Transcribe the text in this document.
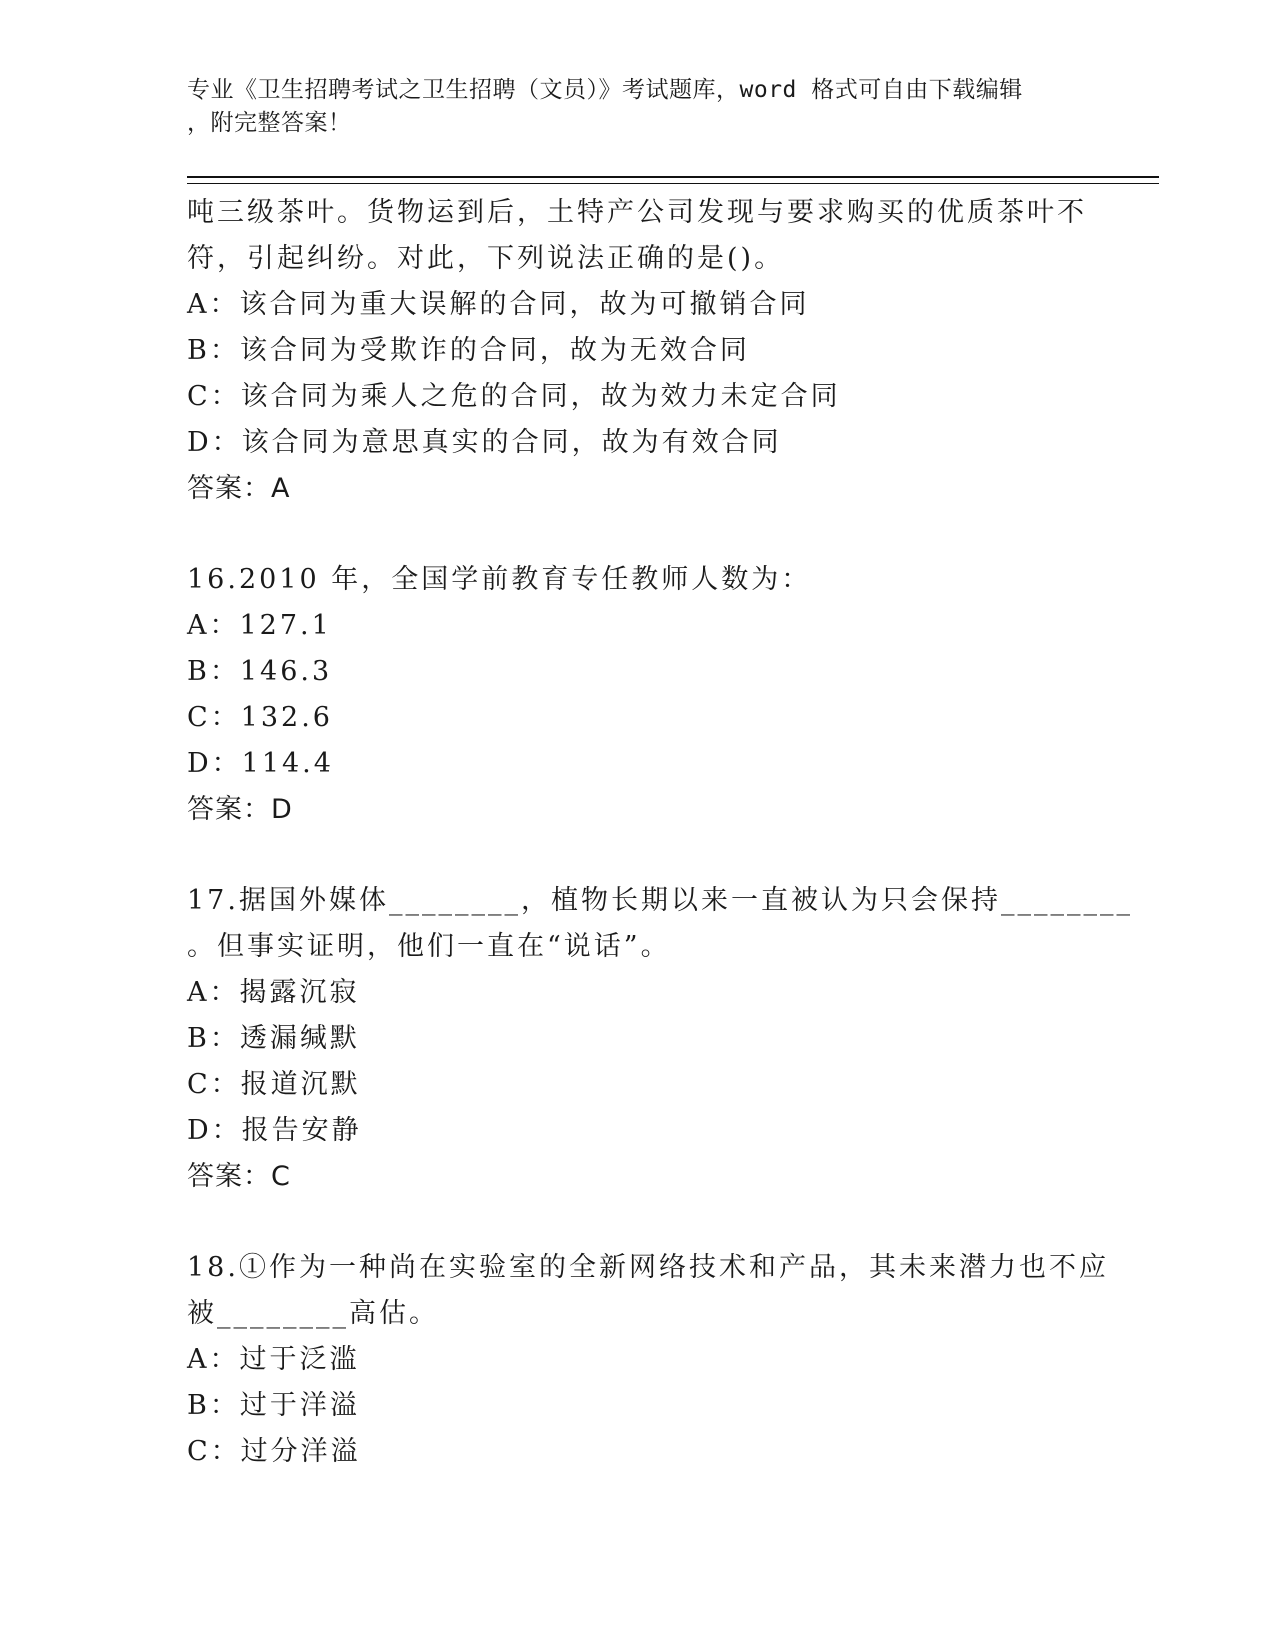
专业《卫生招聘考试之卫生招聘（文员）》考试题库，word 格式可自由下载编辑
，附完整答案！
吨三级茶叶。货物运到后，土特产公司发现与要求购买的优质茶叶不
符，引起纠纷。对此，下列说法正确的是()。
A：该合同为重大误解的合同，故为可撤销合同
B：该合同为受欺诈的合同，故为无效合同
C：该合同为乘人之危的合同，故为效力未定合同
D：该合同为意思真实的合同，故为有效合同
答案：A
16.2010 年，全国学前教育专任教师人数为：
A：127.1
B：146.3
C：132.6
D：114.4
答案：D
17.据国外媒体________，植物长期以来一直被认为只会保持________
。但事实证明，他们一直在“说话”。
A：揭露沉寂
B：透漏缄默
C：报道沉默
D：报告安静
答案：C
18.①作为一种尚在实验室的全新网络技术和产品，其未来潜力也不应
被________高估。
A：过于泛滥
B：过于洋溢
C：过分洋溢
